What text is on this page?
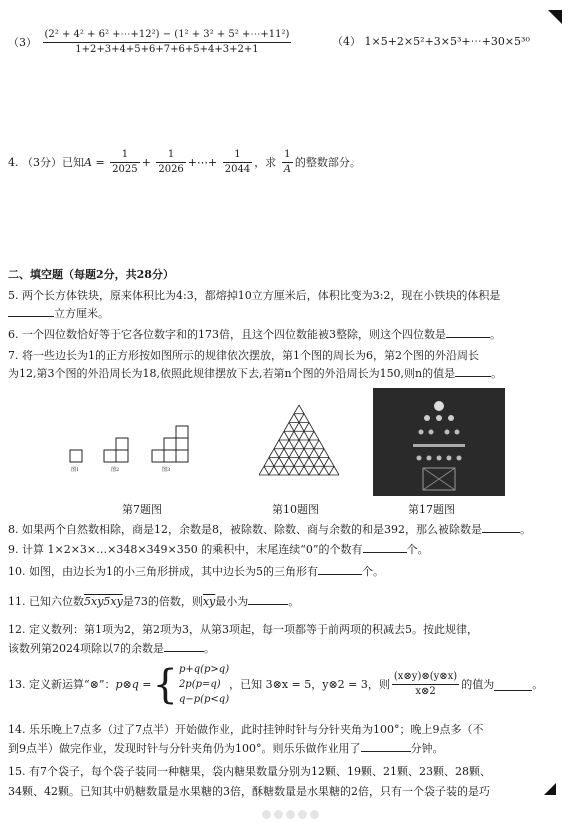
$(3) \frac{\text{(2² + 4² + 6² +⋯+12²) − (1² + 3² + 5² +⋯+11²)}}{1+2+3+4+5+6+7+6+5+4+3+2+1}$	（4） 1×5+2×5²+3×5³+⋯+30×5³⁰
4. （3分）已知$A = \frac{1}{2025} + \frac{1}{2026}$ +⋯+ $\frac{1}{2044}$ ，求 $\frac{1}{A}$ 的整数部分。
二、填空题（每题2分，共28分）
5. 两个长方体铁块，原来体积比为4:3，都熔掉10立方厘米后，体积比变为3:2，现在小铁块的体积是
立方厘米。
6. 一个四位数恰好等于它各位数字和的173倍，且这个四位数能被3整除，则这个四位数是	。
7. 将一些边长为1的正方形按如图所示的规律依次摆放，第1个图的周长为6，第2个图的外沿周长
为12,第3个图的外沿周长为18,依照此规律摆放下去,若第n个图的外沿周长为150,则n的值是	。
图1	图2	图3
第7题图	第10题图	第17题图
8. 如果两个自然数相除，商是12，余数是8，被除数、除数、商与余数的和是392，那么被除数是	。
9. 计算 1×2×3×…×348×349×350 的乘积中，末尾连续“0”的个数有	个。
10. 如图，由边长为1的小三角形拼成，其中边长为5的三角形有	个。
11. 已知六位数5xy5xy是73的倍数，则$\overline{xy}$最小为	。
12. 定义数列：第1项为2，第2项为3，从第3项起，每一项都等于前两项的积减去5。按此规律，
该数列第2024项除以7的余数是	。
13. 定义新运算“⊗”： p⊗q = { p+q(p>q)
2p(p=q)
q−p(p<q)
，已知 3⊗x = 5，y⊗2 = 3，则 $\frac{(x\otimes y)\otimes(y\otimes x)}{x\otimes 2}$ 的值为	。
14. 乐乐晚上7点多（过了7点半）开始做作业，此时挂钟时针与分针夹角为100°；晚上9点多（不
到9点半）做完作业，发现时针与分针夹角仍为100°。则乐乐做作业用了	分钟。
15. 有7个袋子，每个袋子装同一种糖果，袋内糖果数量分别为12颗、19颗、21颗、23颗、28颗、
34颗、42颗。已知其中奶糖数量是水果糖的3倍，酥糖数量是水果糖的2倍，只有一个袋子装的是巧
